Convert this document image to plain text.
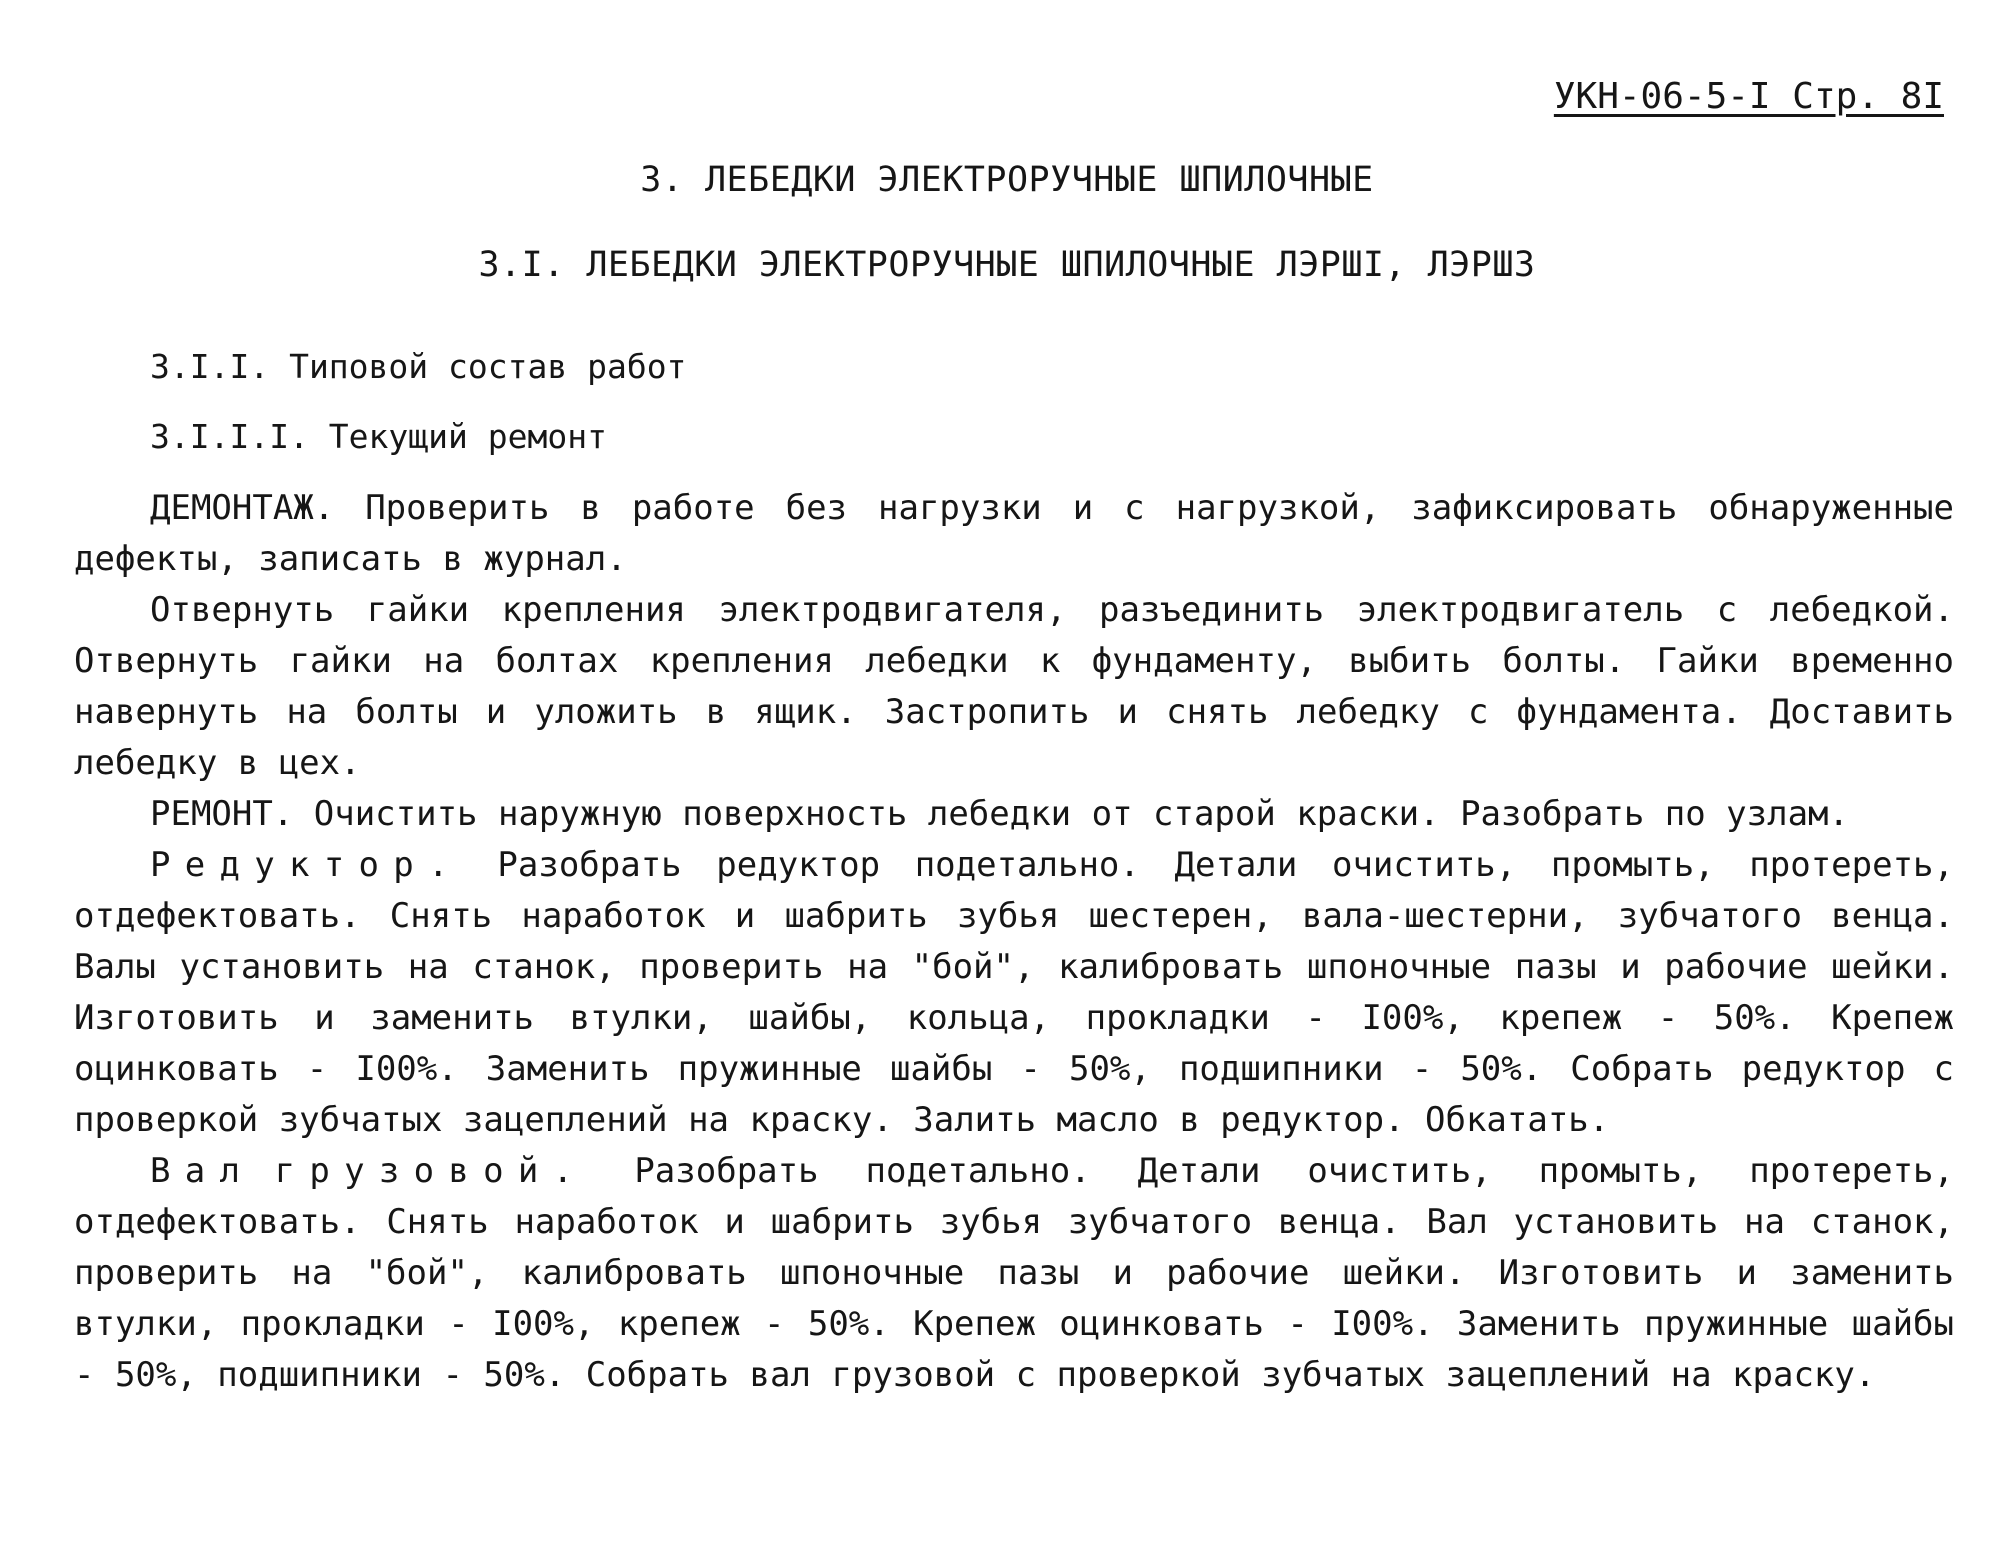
УКН-06-5-I Стр. 8I
3. ЛЕБЕДКИ ЭЛЕКТРОРУЧНЫЕ ШПИЛОЧНЫЕ
3.I. ЛЕБЕДКИ ЭЛЕКТРОРУЧНЫЕ ШПИЛОЧНЫЕ ЛЭРШI, ЛЭРШ3
3.I.I. Типовой состав работ
3.I.I.I. Текущий ремонт

ДЕМОНТАЖ. Проверить в работе без нагрузки и с нагрузкой, зафиксировать обнаруженные дефекты, записать в журнал.

Отвернуть гайки крепления электродвигателя, разъединить электродвигатель с лебедкой. Отвернуть гайки на болтах крепления лебедки к фундаменту, выбить болты. Гайки временно навернуть на болты и уложить в ящик. Застропить и снять лебедку с фундамента. Доставить лебедку в цех.

РЕМОНТ. Очистить наружную поверхность лебедки от старой краски. Разобрать по узлам.

Редуктор. Разобрать редуктор подетально. Детали очистить, промыть, протереть, отдефектовать. Снять наработок и шабрить зубья шестерен, вала-шестерни, зубчатого венца. Валы установить на станок, проверить на "бой", калибровать шпоночные пазы и рабочие шейки. Изготовить и заменить втулки, шайбы, кольца, прокладки - I00%, крепеж - 50%. Крепеж оцинковать - I00%. Заменить пружинные шайбы - 50%, подшипники - 50%. Собрать редуктор с проверкой зубчатых зацеплений на краску. Залить масло в редуктор. Обкатать.

Вал грузовой. Разобрать подетально. Детали очистить, промыть, протереть, отдефектовать. Снять наработок и шабрить зубья зубчатого венца. Вал установить на станок, проверить на "бой", калибровать шпоночные пазы и рабочие шейки. Изготовить и заменить втулки, прокладки - I00%, крепеж - 50%. Крепеж оцинковать - I00%. Заменить пружинные шайбы - 50%, подшипники - 50%. Собрать вал грузовой с проверкой зубчатых зацеплений на краску.
